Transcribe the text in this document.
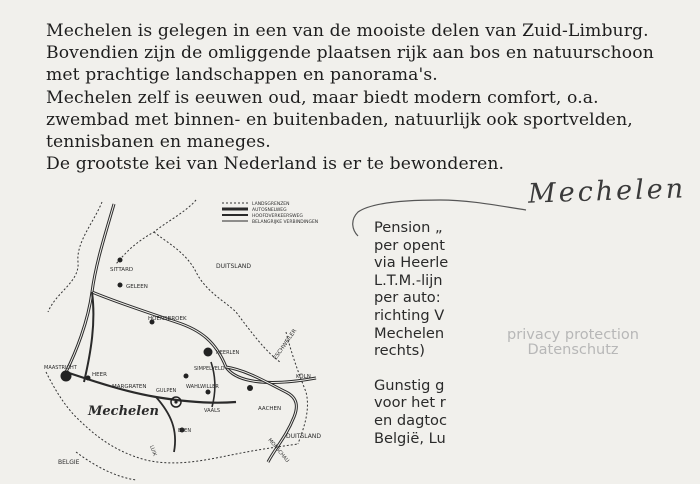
Mechelen is gelegen in een van de mooiste delen van Zuid-Limburg.
Bovendien zijn de omliggende plaatsen rijk aan bos en natuurschoon
met prachtige landschappen en panorama's.
Mechelen zelf is eeuwen oud, maar biedt modern comfort, o.a.
zwembad met binnen- en buitenbaden, natuurlijk ook sportvelden,
tennisbanen en maneges.
De grootste kei van Nederland is er te bewonderen.
Mechelen
Pension „
per opent
via Heerle
L.T.M.-lijn
per auto:
richting V
Mechelen
rechts)
Gunstig g
voor het r
en dagtoc
België, Lu
privacy protection
Datenschutz
LANDSGRENZEN
AUTOSNELWEG
HOOFDVERKEERSWEG
BELANGRIJKE VERBINDINGEN
SITTARD
GELEEN
DUITSLAND
HOENSBROEK
HEERLEN
SIMPELVELD
ESCHWEILER
KÖLN
MAASTRICHT
HEER
MARGRATEN
GULPEN
WAHLWILLER
VAALS	AACHEN
Mechelen
EPEN
DUITSLAND
BELGIE
LUIK	MONSCHAU
